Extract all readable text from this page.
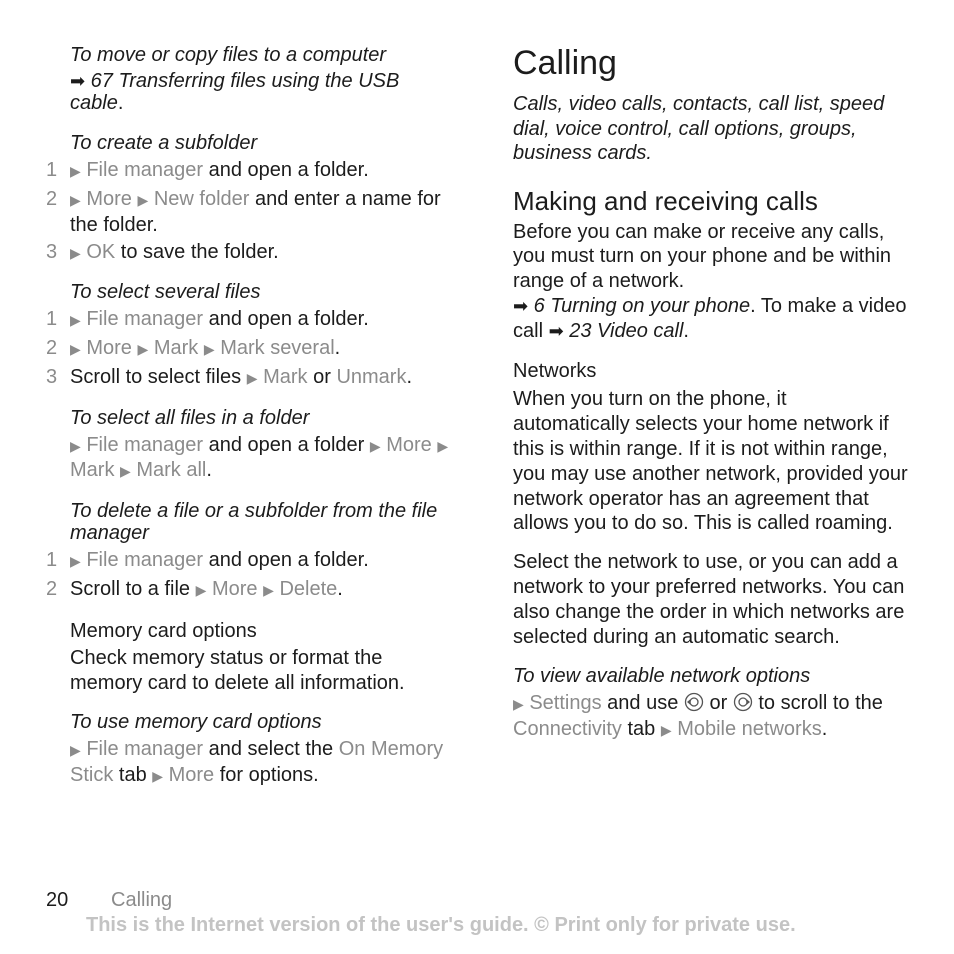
To move or copy files to a computer

➡ 67 Transferring files using the USB cable.

To create a subfolder

1 ▶ File manager and open a folder.
2 ▶ More ▶ New folder and enter a name for the folder.
3 ▶ OK to save the folder.

To select several files

1 ▶ File manager and open a folder.
2 ▶ More ▶ Mark ▶ Mark several.
3 Scroll to select files ▶ Mark or Unmark.

To select all files in a folder

▶ File manager and open a folder ▶ More ▶ Mark ▶ Mark all.

To delete a file or a subfolder from the file manager

1 ▶ File manager and open a folder.
2 Scroll to a file ▶ More ▶ Delete.

Memory card options

Check memory status or format the memory card to delete all information.

To use memory card options

▶ File manager and select the On Memory Stick tab ▶ More for options.

Calling

Calls, video calls, contacts, call list, speed dial, voice control, call options, groups, business cards.

Making and receiving calls

Before you can make or receive any calls, you must turn on your phone and be within range of a network.
➡ 6 Turning on your phone. To make a video call ➡ 23 Video call.

Networks

When you turn on the phone, it automatically selects your home network if this is within range. If it is not within range, you may use another network, provided your network operator has an agreement that allows you to do so. This is called roaming.

Select the network to use, or you can add a network to your preferred networks. You can also change the order in which networks are selected during an automatic search.

To view available network options

▶ Settings and use  or  to scroll to the Connectivity tab ▶ Mobile networks.

20 Calling
This is the Internet version of the user's guide. © Print only for private use.
